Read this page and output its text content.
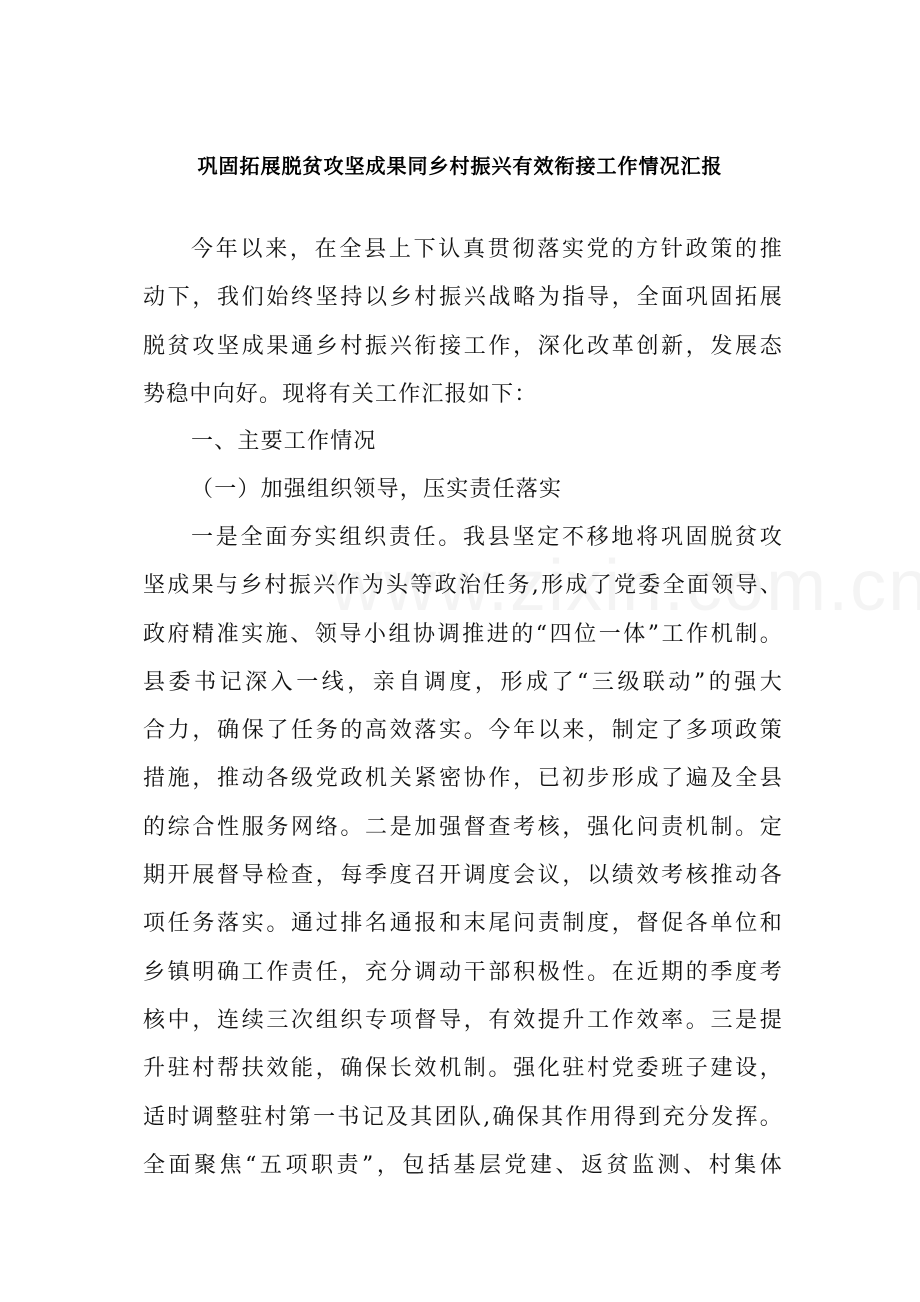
巩固拓展脱贫攻坚成果同乡村振兴有效衔接工作情况汇报
今年以来，在全县上下认真贯彻落实党的方针政策的推
动下，我们始终坚持以乡村振兴战略为指导，全面巩固拓展
脱贫攻坚成果通乡村振兴衔接工作，深化改革创新，发展态
势稳中向好。现将有关工作汇报如下：
一、主要工作情况
（一）加强组织领导，压实责任落实
一是全面夯实组织责任。我县坚定不移地将巩固脱贫攻
坚成果与乡村振兴作为头等政治任务,形成了党委全面领导、
政府精准实施、领导小组协调推进的“四位一体”工作机制。
县委书记深入一线，亲自调度，形成了“三级联动”的强大
合力，确保了任务的高效落实。今年以来，制定了多项政策
措施，推动各级党政机关紧密协作，已初步形成了遍及全县
的综合性服务网络。二是加强督查考核，强化问责机制。定
期开展督导检查，每季度召开调度会议，以绩效考核推动各
项任务落实。通过排名通报和末尾问责制度，督促各单位和
乡镇明确工作责任，充分调动干部积极性。在近期的季度考
核中，连续三次组织专项督导，有效提升工作效率。三是提
升驻村帮扶效能，确保长效机制。强化驻村党委班子建设，
适时调整驻村第一书记及其团队,确保其作用得到充分发挥。
全面聚焦“五项职责”，包括基层党建、返贫监测、村集体
